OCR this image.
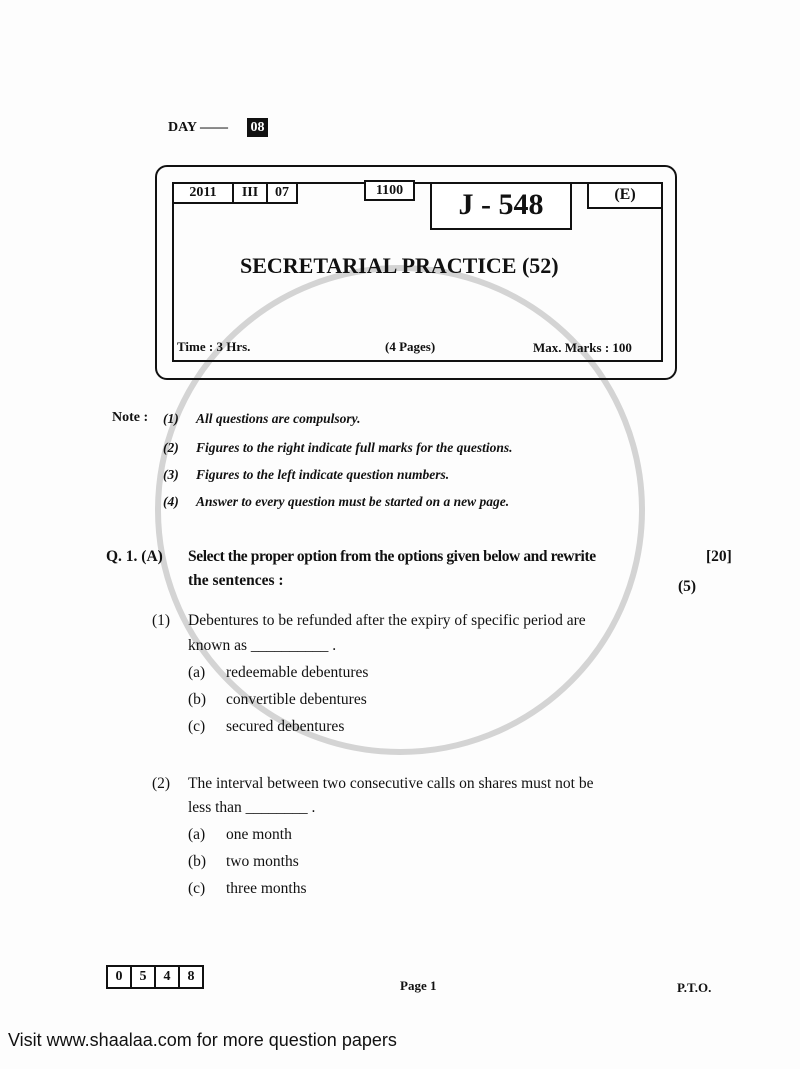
DAY —— 08
2011	III	07	1100	J - 548	(E)
SECRETARIAL PRACTICE (52)
Time : 3 Hrs.	(4 Pages)	Max. Marks : 100
Note : (1) All questions are compulsory.
(2) Figures to the right indicate full marks for the questions.
(3) Figures to the left indicate question numbers.
(4) Answer to every question must be started on a new page.
Q. 1. (A) Select the proper option from the options given below and rewrite
the sentences :
[20]
(5)
(1) Debentures to be refunded after the expiry of specific period are
known as __________ .
(a) redeemable debentures
(b) convertible debentures
(c) secured debentures
(2) The interval between two consecutive calls on shares must not be
less than ________ .
(a) one month
(b) two months
(c) three months
0	5	4	8
Page 1	P.T.O.
Visit www.shaalaa.com for more question papers
